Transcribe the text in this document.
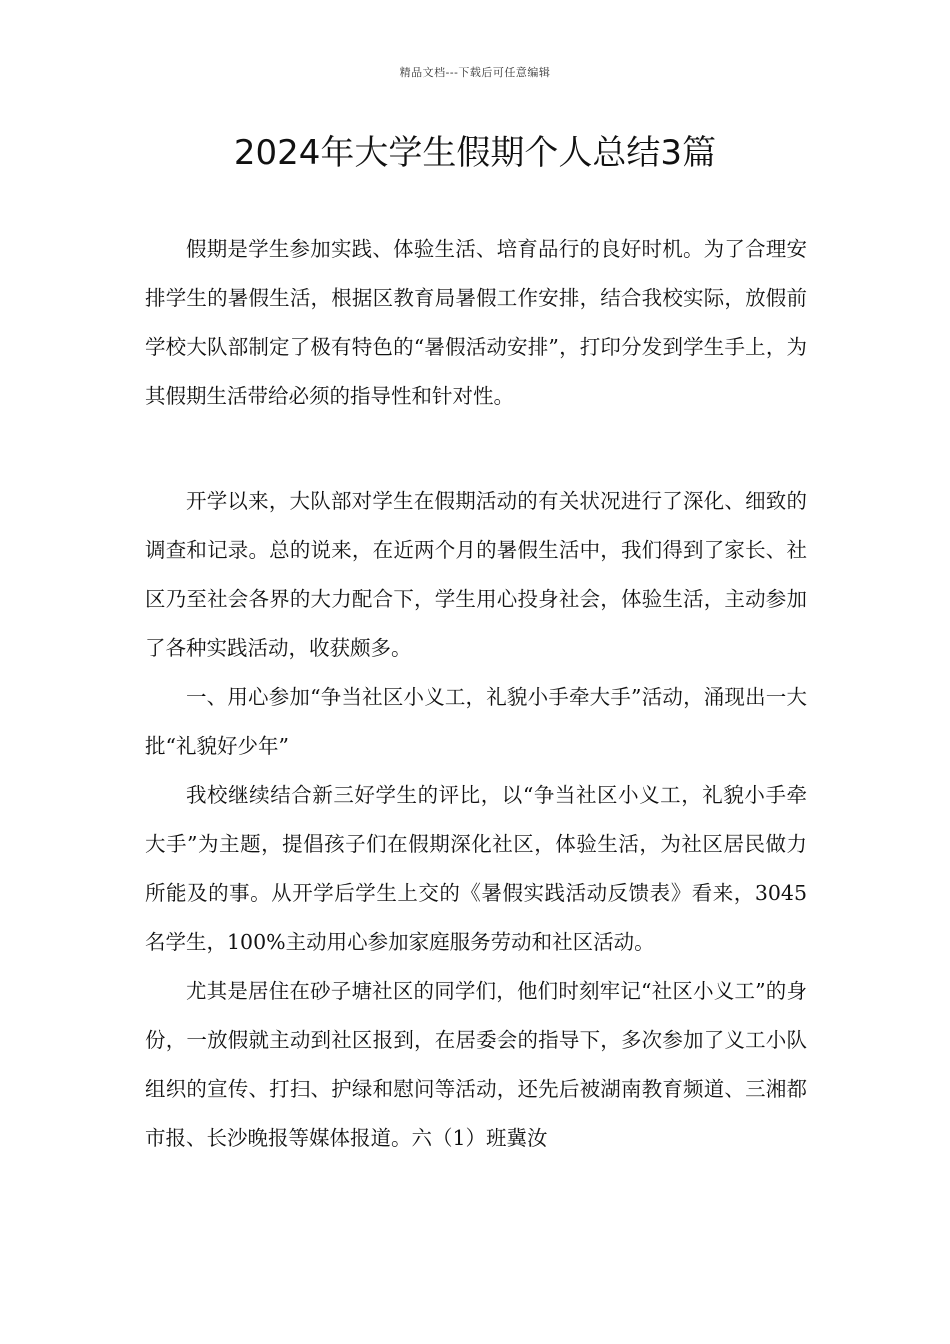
精品文档---下载后可任意编辑
2024年大学生假期个人总结3篇

假期是学生参加实践、体验生活、培育品行的良好时机。为了合理安排学生的暑假生活，根据区教育局暑假工作安排，结合我校实际，放假前学校大队部制定了极有特色的“暑假活动安排”，打印分发到学生手上，为其假期生活带给必须的指导性和针对性。

开学以来，大队部对学生在假期活动的有关状况进行了深化、细致的调查和记录。总的说来，在近两个月的暑假生活中，我们得到了家长、社区乃至社会各界的大力配合下，学生用心投身社会，体验生活，主动参加了各种实践活动，收获颇多。

一、用心参加“争当社区小义工，礼貌小手牵大手”活动，涌现出一大批“礼貌好少年”

我校继续结合新三好学生的评比，以“争当社区小义工，礼貌小手牵大手”为主题，提倡孩子们在假期深化社区，体验生活，为社区居民做力所能及的事。从开学后学生上交的《暑假实践活动反馈表》看来，3045名学生，100%主动用心参加家庭服务劳动和社区活动。

尤其是居住在砂子塘社区的同学们，他们时刻牢记“社区小义工”的身份，一放假就主动到社区报到，在居委会的指导下，多次参加了义工小队组织的宣传、打扫、护绿和慰问等活动，还先后被湖南教育频道、三湘都市报、长沙晚报等媒体报道。六（1）班冀汝
